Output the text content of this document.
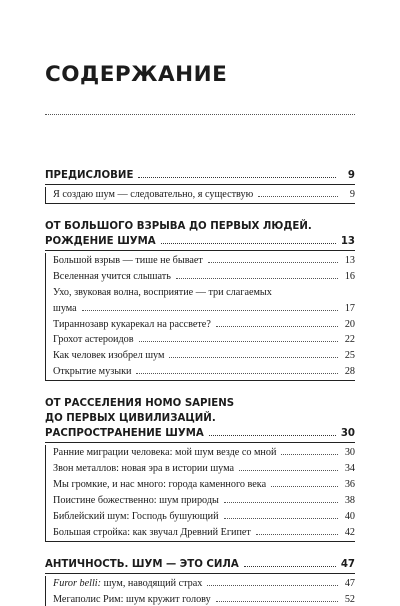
СОДЕРЖАНИЕ
ПРЕДИСЛОВИЕ	9
Я создаю шум — следовательно, я существую	9
ОТ БОЛЬШОГО ВЗРЫВА ДО ПЕРВЫХ ЛЮДЕЙ.
РОЖДЕНИЕ ШУМА	13
Большой взрыв — тише не бывает	13
Вселенная учится слышать	16
Ухо, звуковая волна, восприятие — три слагаемых
шума	17
Тираннозавр кукарекал на рассвете?	20
Грохот астероидов	22
Как человек изобрел шум	25
Открытие музыки	28
ОТ РАССЕЛЕНИЯ HOMO SAPIENS
ДО ПЕРВЫХ ЦИВИЛИЗАЦИЙ.
РАСПРОСТРАНЕНИЕ ШУМА	30
Ранние миграции человека: мой шум везде со мной	30
Звон металлов: новая эра в истории шума	34
Мы громкие, и нас много: города каменного века	36
Поистине божественно: шум природы	38
Библейский шум: Господь бушующий	40
Большая стройка: как звучал Древний Египет	42
АНТИЧНОСТЬ. ШУМ — ЭТО СИЛА	47
Furor belli: шум, наводящий страх	47
Мегаполис Рим: шум кружит голову	52
